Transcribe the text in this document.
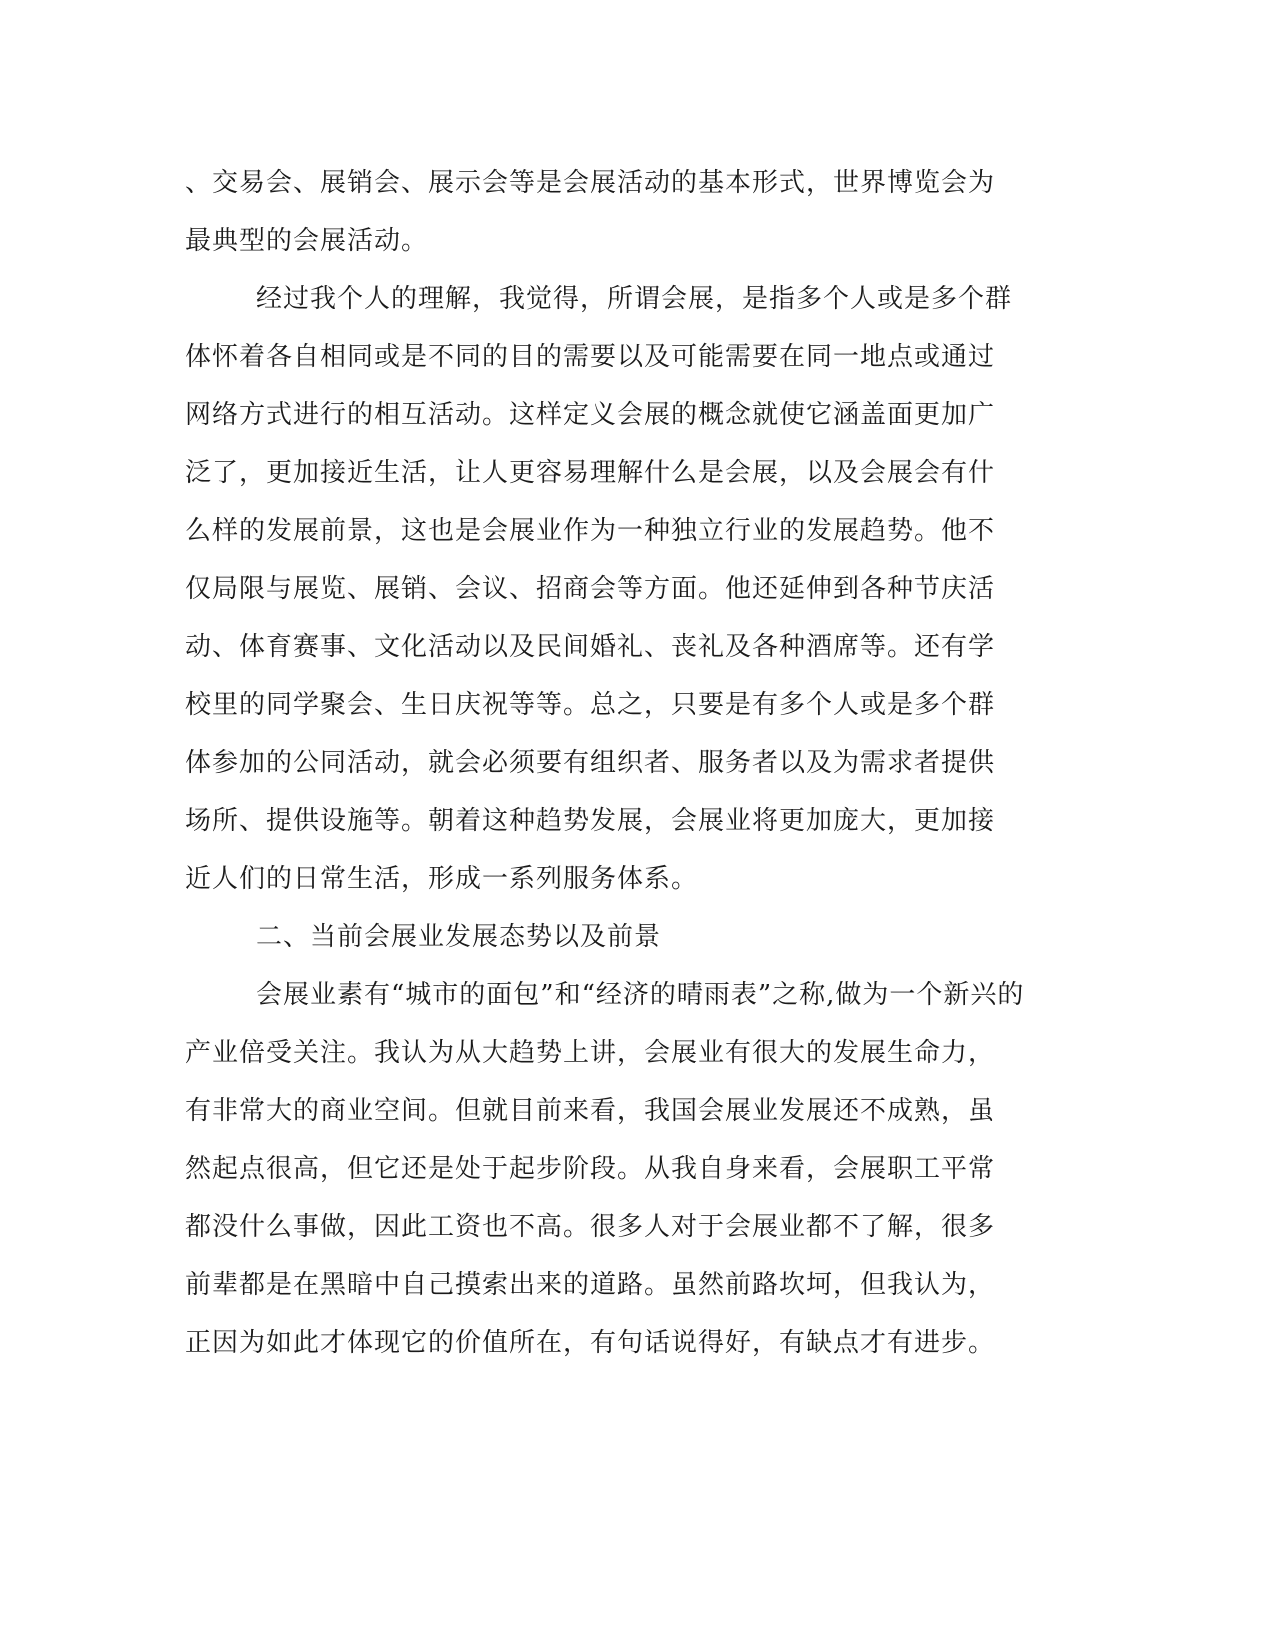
、交易会、展销会、展示会等是会展活动的基本形式，世界博览会为
最典型的会展活动。
经过我个人的理解，我觉得，所谓会展，是指多个人或是多个群
体怀着各自相同或是不同的目的需要以及可能需要在同一地点或通过
网络方式进行的相互活动。这样定义会展的概念就使它涵盖面更加广
泛了，更加接近生活，让人更容易理解什么是会展，以及会展会有什
么样的发展前景，这也是会展业作为一种独立行业的发展趋势。他不
仅局限与展览、展销、会议、招商会等方面。他还延伸到各种节庆活
动、体育赛事、文化活动以及民间婚礼、丧礼及各种酒席等。还有学
校里的同学聚会、生日庆祝等等。总之，只要是有多个人或是多个群
体参加的公同活动，就会必须要有组织者、服务者以及为需求者提供
场所、提供设施等。朝着这种趋势发展，会展业将更加庞大，更加接
近人们的日常生活，形成一系列服务体系。
二、当前会展业发展态势以及前景
会展业素有“城市的面包”和“经济的晴雨表”之称,做为一个新兴的
产业倍受关注。我认为从大趋势上讲，会展业有很大的发展生命力，
有非常大的商业空间。但就目前来看，我国会展业发展还不成熟，虽
然起点很高，但它还是处于起步阶段。从我自身来看，会展职工平常
都没什么事做，因此工资也不高。很多人对于会展业都不了解，很多
前辈都是在黑暗中自己摸索出来的道路。虽然前路坎坷，但我认为，
正因为如此才体现它的价值所在，有句话说得好，有缺点才有进步。
